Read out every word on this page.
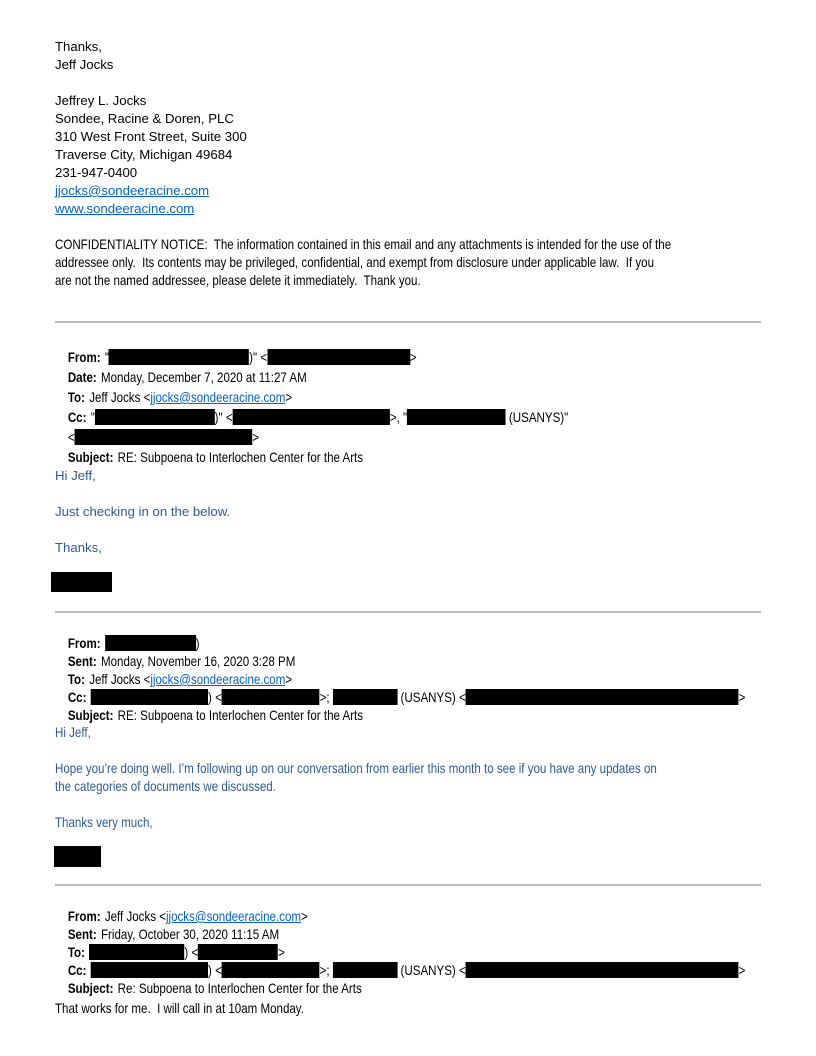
Thanks,
Jeff Jocks
Jeffrey L. Jocks
Sondee, Racine & Doren, PLC
310 West Front Street, Suite 300
Traverse City, Michigan 49684
231-947-0400
jjocks@sondeeracine.com
www.sondeeracine.com
CONFIDENTIALITY NOTICE:  The information contained in this email and any attachments is intended for the use of the
addressee only.  Its contents may be privileged, confidential, and exempt from disclosure under applicable law.  If you
are not the named addressee, please delete it immediately.  Thank you.

From: "	)" <	>

Date: Monday, December 7, 2020 at 11:27 AM

To: Jeff Jocks <jjocks@sondeeracine.com>

Cc: "	)" <	>, "	(USANYS)"

<	>

Subject: RE: Subpoena to Interlochen Center for the Arts

Hi Jeff,
Just checking in on the below.
Thanks,

From:	)

Sent: Monday, November 16, 2020 3:28 PM

To: Jeff Jocks <jjocks@sondeeracine.com>

Cc:	) <	>;	(USANYS) <	>

Subject: RE: Subpoena to Interlochen Center for the Arts

Hi Jeff,
Hope you’re doing well. I’m following up on our conversation from earlier this month to see if you have any updates on
the categories of documents we discussed.
Thanks very much,

From: Jeff Jocks <jjocks@sondeeracine.com>

Sent: Friday, October 30, 2020 11:15 AM

To:	) <	>

Cc:	) <	>;	(USANYS) <	>

Subject: Re: Subpoena to Interlochen Center for the Arts

That works for me.  I will call in at 10am Monday.
